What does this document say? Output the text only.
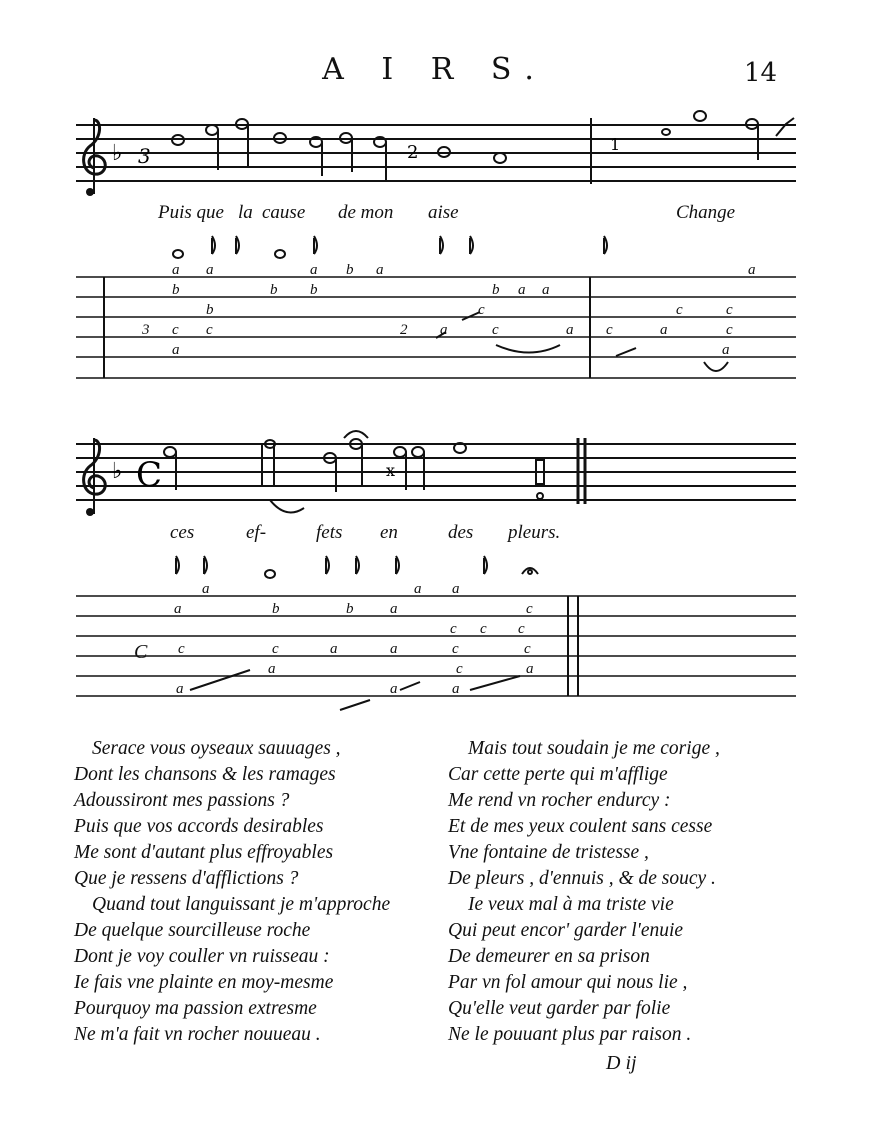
A I R S.	14
♭ 3	2	1
♭ C	x
Puis que la cause de mon aise	Change
a a	a b a	a
b	b b	b a a
b	c	c	c
3 c c	2 a	c	a c	a	c
a	a
ces	ef-	fets en	des pleurs.
a	a a
a	b	b a	c
c c c
C c	c	a	a	c	c
a	c	a
a	a	a
Serace vous oyseaux sauuages ,
Dont les chansons & les ramages
Adoussiront mes passions ?
Puis que vos accords desirables
Me sont d'autant plus effroyables
Que je ressens d'afflictions ?
Quand tout languissant je m'approche
De quelque sourcilleuse roche
Dont je voy couller vn ruisseau :
Ie fais vne plainte en moy-mesme
Pourquoy ma passion extresme
Ne m'a fait vn rocher nouueau .
Mais tout soudain je me corige ,
Car cette perte qui m'afflige
Me rend vn rocher endurcy :
Et de mes yeux coulent sans cesse
Vne fontaine de tristesse ,
De pleurs , d'ennuis , & de soucy .
Ie veux mal à ma triste vie
Qui peut encor' garder l'enuie
De demeurer en sa prison
Par vn fol amour qui nous lie ,
Qu'elle veut garder par folie
Ne le pouuant plus par raison .
D ij
